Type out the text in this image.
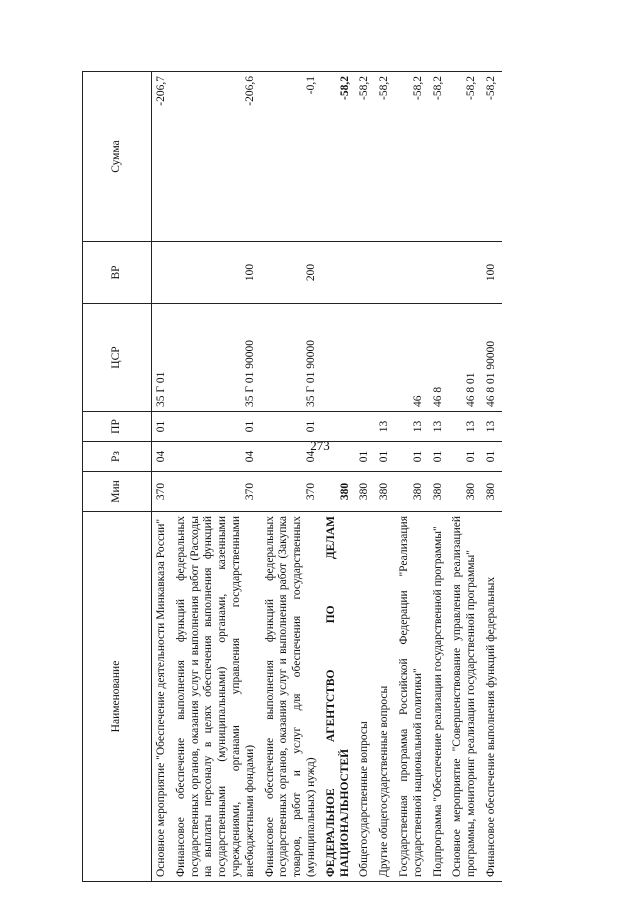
273
Наименование	Мин	Рз	ПР	ЦСР	ВР	Сумма
Основное мероприятие "Обеспечение деятельности Минкавказа России"	370	04	01	35 Г 01		-206,7
Финансовое обеспечение выполнения функций федеральных государственных органов, оказания услуг и выполнения работ (Расходы на выплаты персоналу в целях обеспечения выполнения функций государственными (муниципальными) органами, казенными учреждениями, органами управления государственными внебюджетными фондами)	370	04	01	35 Г 01 90000	100	-206,6
Финансовое обеспечение выполнения функций федеральных государственных органов, оказания услуг и выполнения работ (Закупка товаров, работ и услуг для обеспечения государственных (муниципальных) нужд)	370	04	01	35 Г 01 90000	200	-0,1
ФЕДЕРАЛЬНОЕ АГЕНТСТВО ПО ДЕЛАМ НАЦИОНАЛЬНОСТЕЙ	380					-58,2
Общегосударственные вопросы	380	01				-58,2
Другие общегосударственные вопросы	380	01	13			-58,2
Государственная программа Российской Федерации "Реализация государственной национальной политики"	380	01	13	46		-58,2
Подпрограмма "Обеспечение реализации государственной программы"	380	01	13	46 8		-58,2
Основное мероприятие "Совершенствование управления реализацией программы, мониторинг реализации государственной программы"	380	01	13	46 8 01		-58,2
Финансовое обеспечение выполнения функций федеральных	380	01	13	46 8 01 90000	100	-58,2
